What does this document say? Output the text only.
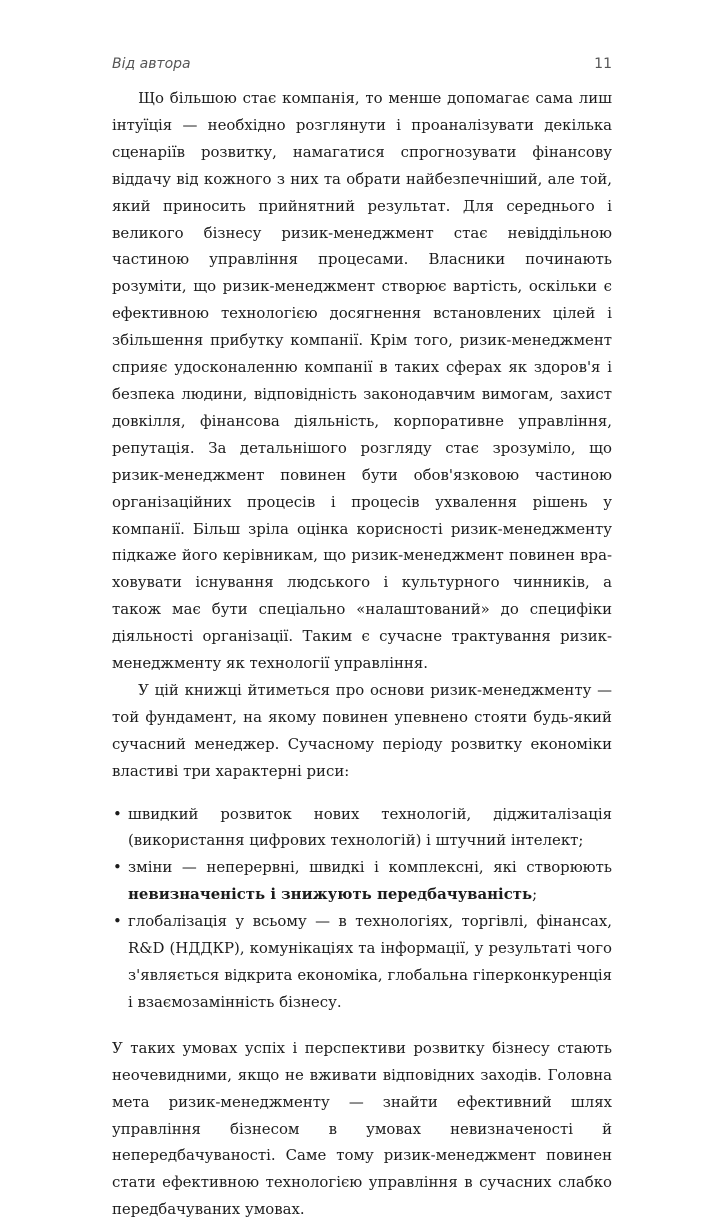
Від автора	11

Що більшою стає компанія, то менше допомагає сама лиш інтуїція — необхідно розглянути і проаналізувати декілька сценаріїв розвитку, намагатися спрогнозувати фінансову віддачу від кожного з них та обрати найбезпечніший, але той, який приносить прийнятний результат. Для середнього і великого бізнесу ризик-менеджмент стає невіддільною частиною управління процесами. Власники починають розуміти, що ризик-менеджмент створює вартість, оскільки є ефективною технологією досягнення встановлених цілей і збільшення прибутку компанії. Крім того, ризик-менеджмент сприяє удосконаленню компанії в таких сферах як здоров'я і безпека людини, відповідність законодавчим вимогам, захист довкілля, фінансова діяльність, корпоративне управління, репутація. За детальнішого розгляду стає зрозуміло, що ризик-менеджмент повинен бути обов'язковою частиною організаційних процесів і процесів ухвалення рішень у компанії. Більш зріла оцінка корисності ризик-менеджменту підкаже його керівникам, що ризик-менеджмент повинен враховувати існування людського і культурного чинників, а також має бути спеціально «налаштований» до специфіки діяльності організації. Таким є сучасне трактування ризик-менеджменту як технології управління.

У цій книжці йтиметься про основи ризик-менеджменту — той фундамент, на якому повинен упевнено стояти будь-який сучасний менеджер. Сучасному періоду розвитку економіки властиві три характерні риси:

• швидкий розвиток нових технологій, діджиталізація (використання цифрових технологій) і штучний інтелект;
• зміни — неперервні, швидкі і комплексні, які створюють невизначеність і знижують передбачуваність;
• глобалізація у всьому — в технологіях, торгівлі, фінансах, R&D (НДДКР), комунікаціях та інформації, у результаті чого з'являється відкрита економіка, глобальна гіперконкуренція і взаємозамінність бізнесу.

У таких умовах успіх і перспективи розвитку бізнесу стають неочевидними, якщо не вживати відповідних заходів. Головна мета ризик-менеджменту — знайти ефективний шлях управління бізнесом в умовах невизначеності й непередбачуваності. Саме тому ризик-менеджмент повинен стати ефективною технологією управління в сучасних слабко передбачуваних умовах.
